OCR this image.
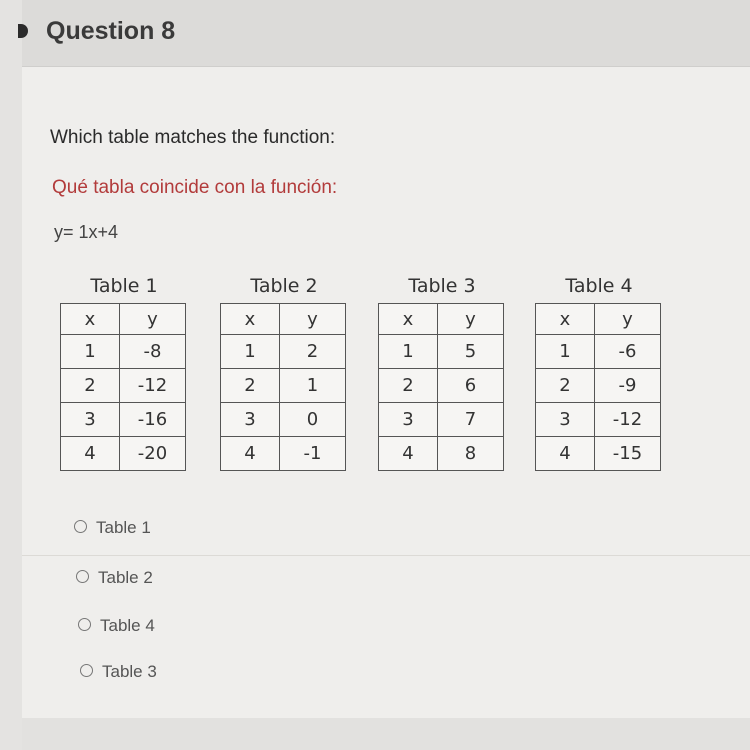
Question 8
Which table matches the function:
Qué tabla coincide con la función:
y= 1x+4
Table 1
x	y
1	-8
2	-12
3	-16
4	-20
Table 2
x	y
1	2
2	1
3	0
4	-1
Table 3
x	y
1	5
2	6
3	7
4	8
Table 4
x	y
1	-6
2	-9
3	-12
4	-15
Table 1
Table 2
Table 4
Table 3
